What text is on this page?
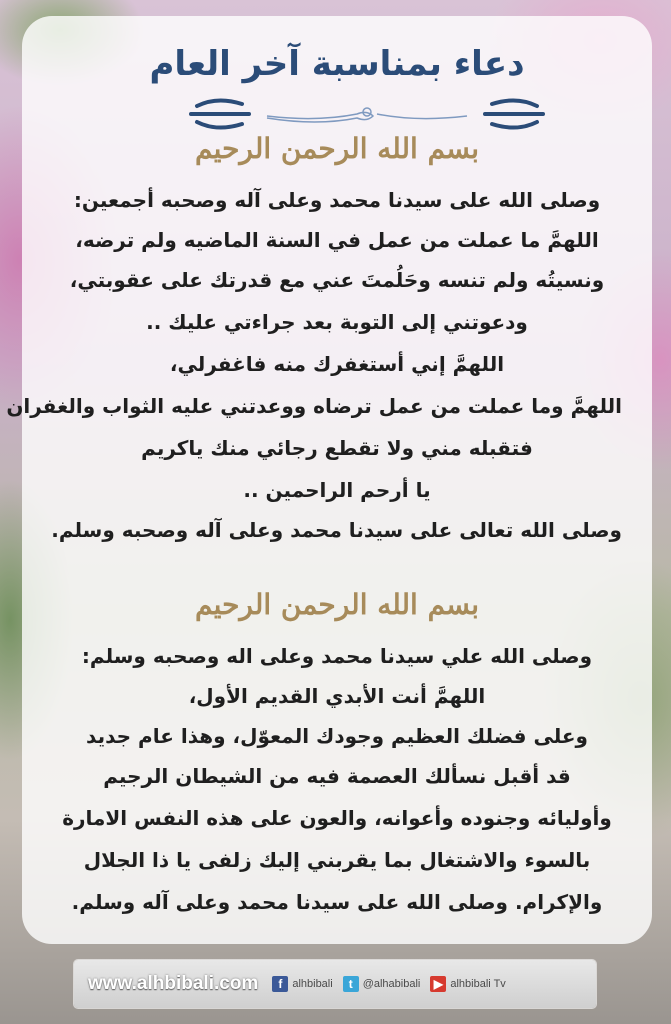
دعاء بمناسبة آخر العام
بسم الله الرحمن الرحيم

وصلى الله على سيدنا محمد وعلى آله وصحبه أجمعين:

اللهمَّ ما عملت من عمل في السنة الماضيه ولم ترضه،

ونسيتُه ولم تنسه وحَلُمتَ عني مع قدرتك على عقوبتي،

ودعوتني إلى التوبة بعد جراءتي عليك ..

اللهمَّ إني أستغفرك منه فاغفرلي،

اللهمَّ وما عملت من عمل ترضاه ووعدتني عليه الثواب والغفران

فتقبله مني ولا تقطع رجائي منك ياكريم

يا أرحم الراحمين ..

وصلى الله تعالى على سيدنا محمد وعلى آله وصحبه وسلم.

بسم الله الرحمن الرحيم

وصلى الله علي سيدنا محمد وعلى اله وصحبه وسلم:

اللهمَّ أنت الأبدي القديم الأول،

وعلى فضلك العظيم وجودك المعوّل، وهذا عام جديد

قد أقبل نسألك العصمة فيه من الشيطان الرجيم

وأوليائه وجنوده وأعوانه، والعون على هذه النفس الامارة

بالسوء والاشتغال بما يقربني إليك زلفى يا ذا الجلال

والإكرام. وصلى الله على سيدنا محمد وعلى آله وسلم.

www.alhbibali.com	f alhbibali	t @alhabibali ▶ alhbibali Tv
